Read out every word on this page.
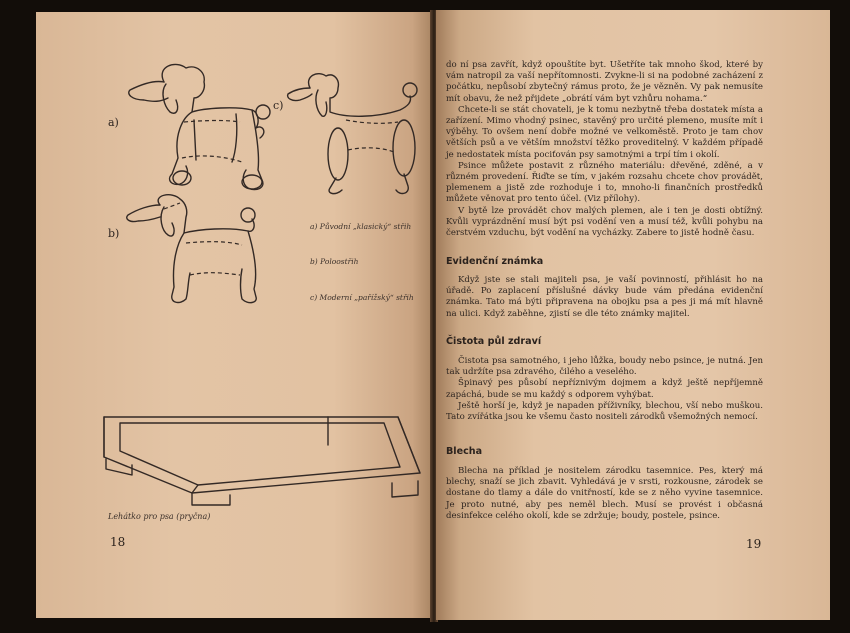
a)
b)
c)
a) Původní „klasický“ střih
b) Poloostřih
c) Moderní „pařížský“ střih
Lehátko pro psa (pryčna)
18

do ní psa zavřít, když opouštíte byt. Ušetříte tak mnoho škod, které by vám natropil za vaší nepřítomnosti. Zvykne-li si na podobné zacházení z počátku, nepůsobí zbytečný rámus proto, že je vězněn. Vy pak nemusíte mít obavu, že než přijdete „obrátí vám byt vzhůru nohama.“

Chcete-li se stát chovateli, je k tomu nezbytně třeba dostatek místa a zařízení. Mimo vhodný psinec, stavěný pro určité plemeno, musíte mít i výběhy. To ovšem není dobře možné ve velkoměstě. Proto je tam chov větších psů a ve větším množství těžko proveditelný. V každém případě je nedostatek místa pociťován psy samotnými a trpí tím i okolí.

Psince můžete postavit z různého materiálu: dřevěné, zděné, a v různém provedení. Řiďte se tím, v jakém rozsahu chcete chov provádět, plemenem a jistě zde rozhoduje i to, mnoho-li finančních prostředků můžete věnovat pro tento účel. (Viz přílohy).

V bytě lze provádět chov malých plemen, ale i ten je dosti obtížný. Kvůli vyprázdnění musí být psi vodění ven a musí též, kvůli pohybu na čerstvém vzduchu, být vodění na vycházky. Zabere to jistě hodně času.

Evidenční známka

Když jste se stali majiteli psa, je vaší povinností, přihlásit ho na úřadě. Po zaplacení příslušné dávky bude vám předána evidenční známka. Tato má býti připravena na obojku psa a pes ji má mít hlavně na ulici. Když zaběhne, zjistí se dle této známky majitel.

Čistota půl zdraví

Čistota psa samotného, i jeho lůžka, boudy nebo psince, je nutná. Jen tak udržíte psa zdravého, čilého a veselého.

Špinavý pes působí nepříznivým dojmem a když ještě nepříjemně zapáchá, bude se mu každý s odporem vyhýbat.

Ještě horší je, když je napaden příživníky, blechou, vší nebo muškou. Tato zvířátka jsou ke všemu často nositeli zárodků všemožných nemocí.

Blecha

Blecha na příklad je nositelem zárodku tasemnice. Pes, který má blechy, snaží se jich zbavit. Vyhledává je v srsti, rozkousne, zárodek se dostane do tlamy a dále do vnitřností, kde se z něho vyvine tasemnice. Je proto nutné, aby pes neměl blech. Musí se provést i občasná desinfekce celého okolí, kde se zdržuje; boudy, postele, psince.

19
